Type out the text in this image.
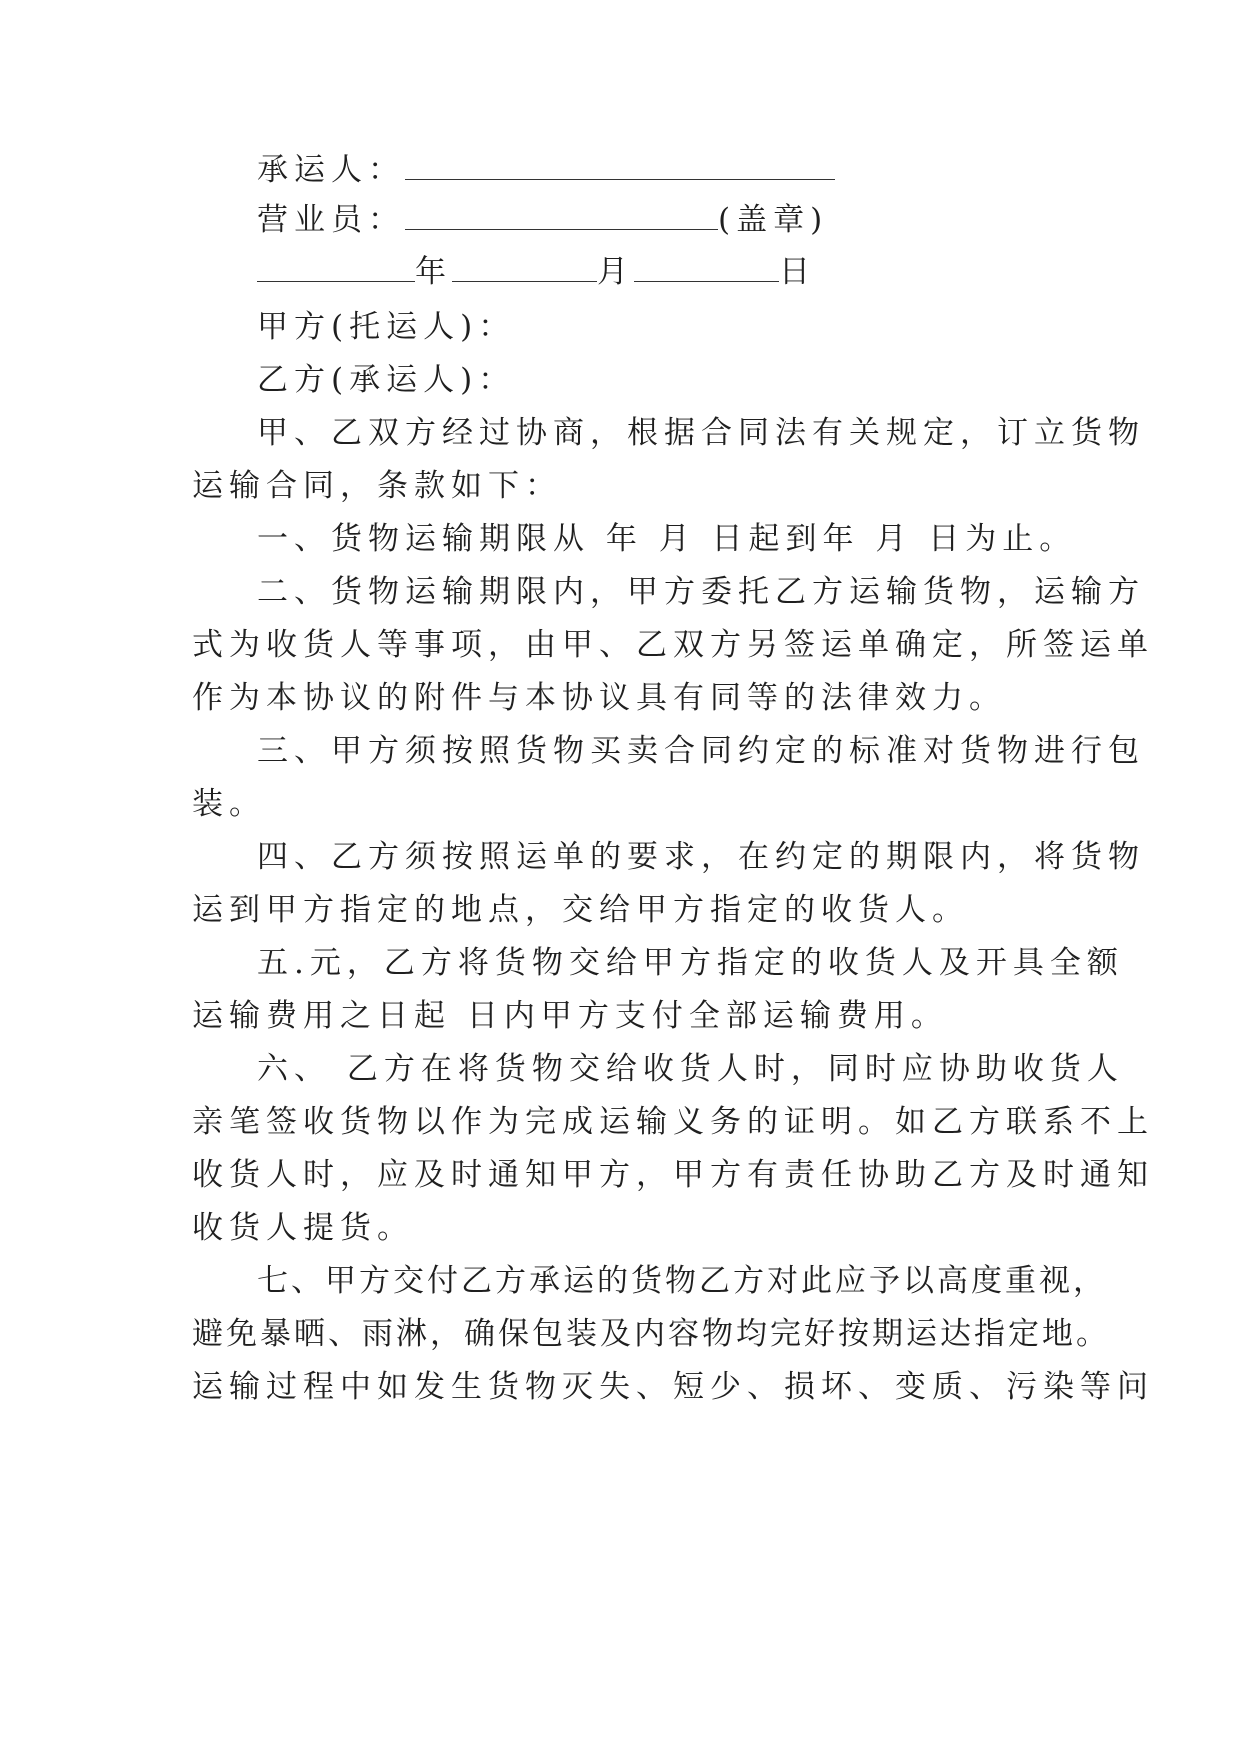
承运人：
营业员：	(盖章)
年	月	日
甲方(托运人)：
乙方(承运人)：
甲、乙双方经过协商，根据合同法有关规定，订立货物
运输合同，条款如下：
一、货物运输期限从 年 月 日起到年 月 日为止。
二、货物运输期限内，甲方委托乙方运输货物，运输方
式为收货人等事项，由甲、乙双方另签运单确定，所签运单
作为本协议的附件与本协议具有同等的法律效力。
三、甲方须按照货物买卖合同约定的标准对货物进行包
装。
四、乙方须按照运单的要求，在约定的期限内，将货物
运到甲方指定的地点，交给甲方指定的收货人。
五.元，乙方将货物交给甲方指定的收货人及开具全额
运输费用之日起 日内甲方支付全部运输费用。
六、 乙方在将货物交给收货人时，同时应协助收货人
亲笔签收货物以作为完成运输义务的证明。如乙方联系不上
收货人时，应及时通知甲方，甲方有责任协助乙方及时通知
收货人提货。
七、甲方交付乙方承运的货物乙方对此应予以高度重视，
避免暴晒、雨淋，确保包装及内容物均完好按期运达指定地。
运输过程中如发生货物灭失、短少、损坏、变质、污染等问
